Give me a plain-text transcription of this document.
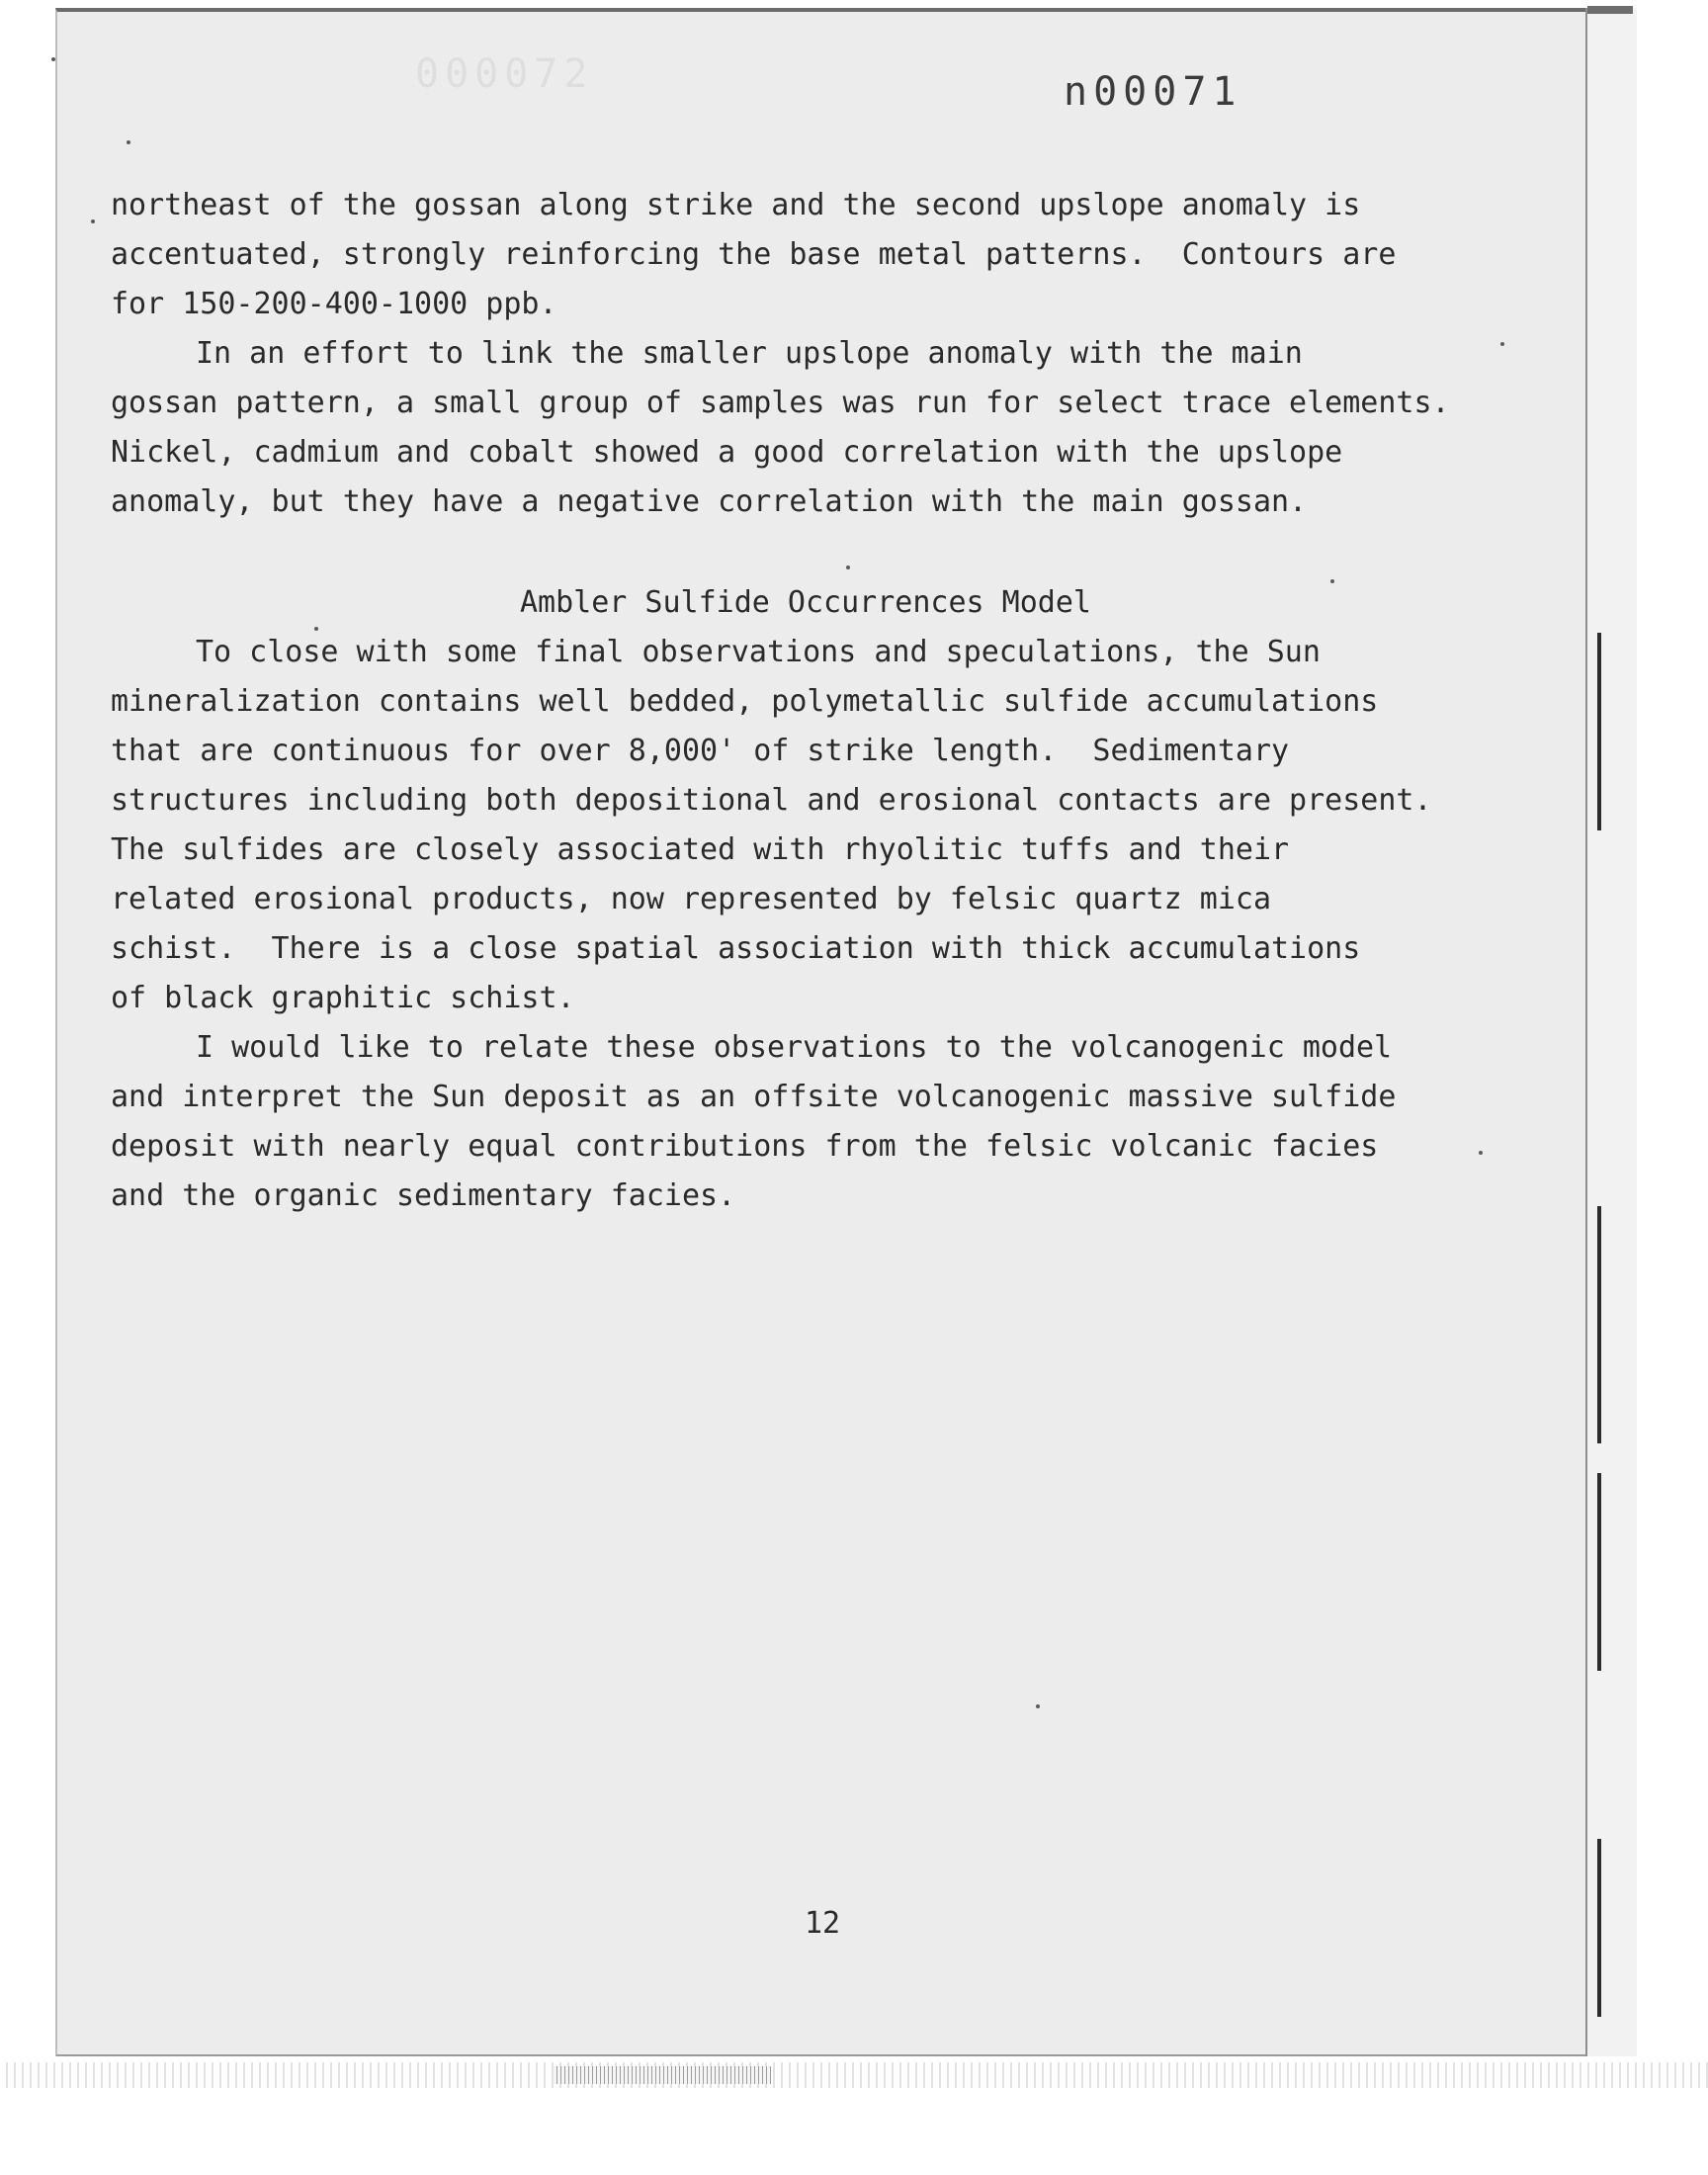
000072	n00071
northeast of the gossan along strike and the second upslope anomaly is
accentuated, strongly reinforcing the base metal patterns.  Contours are
for 150-200-400-1000 ppb.
In an effort to link the smaller upslope anomaly with the main
gossan pattern, a small group of samples was run for select trace elements.
Nickel, cadmium and cobalt showed a good correlation with the upslope
anomaly, but they have a negative correlation with the main gossan.
Ambler Sulfide Occurrences Model
To close with some final observations and speculations, the Sun
mineralization contains well bedded, polymetallic sulfide accumulations
that are continuous for over 8,000' of strike length.  Sedimentary
structures including both depositional and erosional contacts are present.
The sulfides are closely associated with rhyolitic tuffs and their
related erosional products, now represented by felsic quartz mica
schist.  There is a close spatial association with thick accumulations
of black graphitic schist.
I would like to relate these observations to the volcanogenic model
and interpret the Sun deposit as an offsite volcanogenic massive sulfide
deposit with nearly equal contributions from the felsic volcanic facies
and the organic sedimentary facies.
12
